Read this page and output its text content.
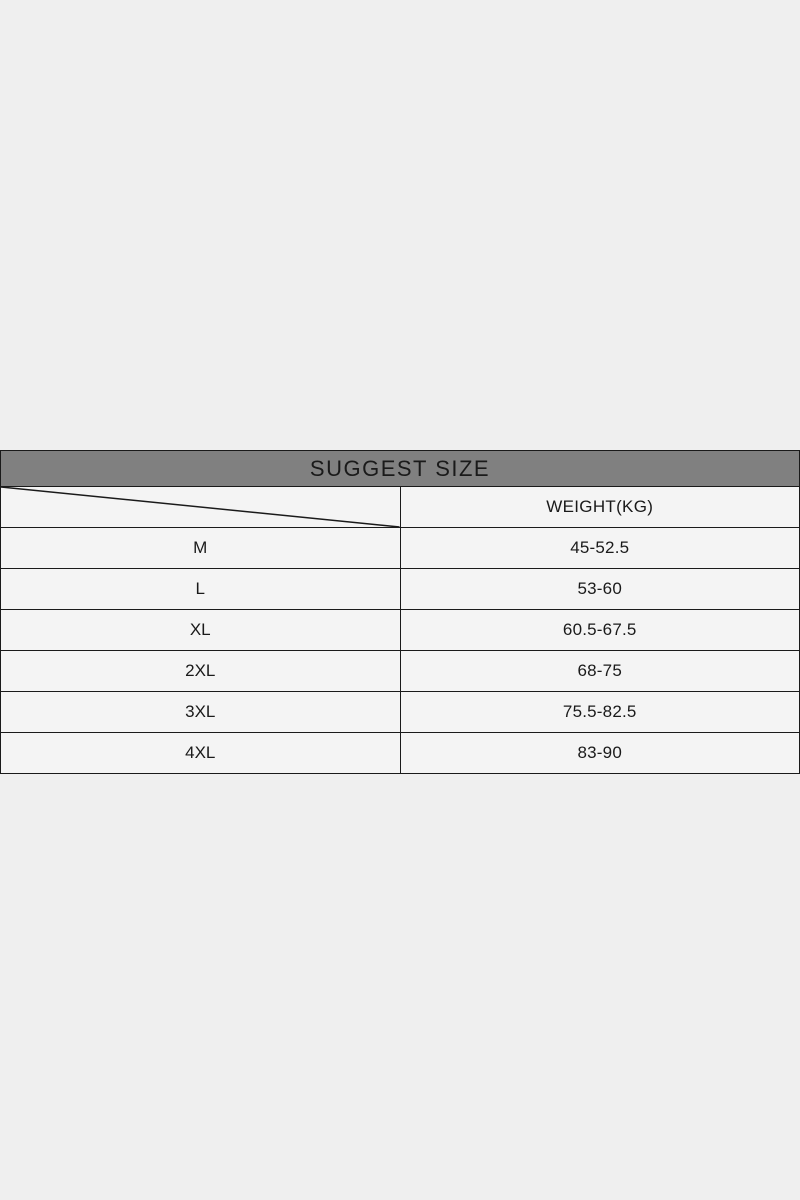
SUGGEST SIZE	

	WEIGHT(KG)
M	45-52.5
L	53-60
XL	60.5-67.5
2XL	68-75
3XL	75.5-82.5
4XL	83-90
